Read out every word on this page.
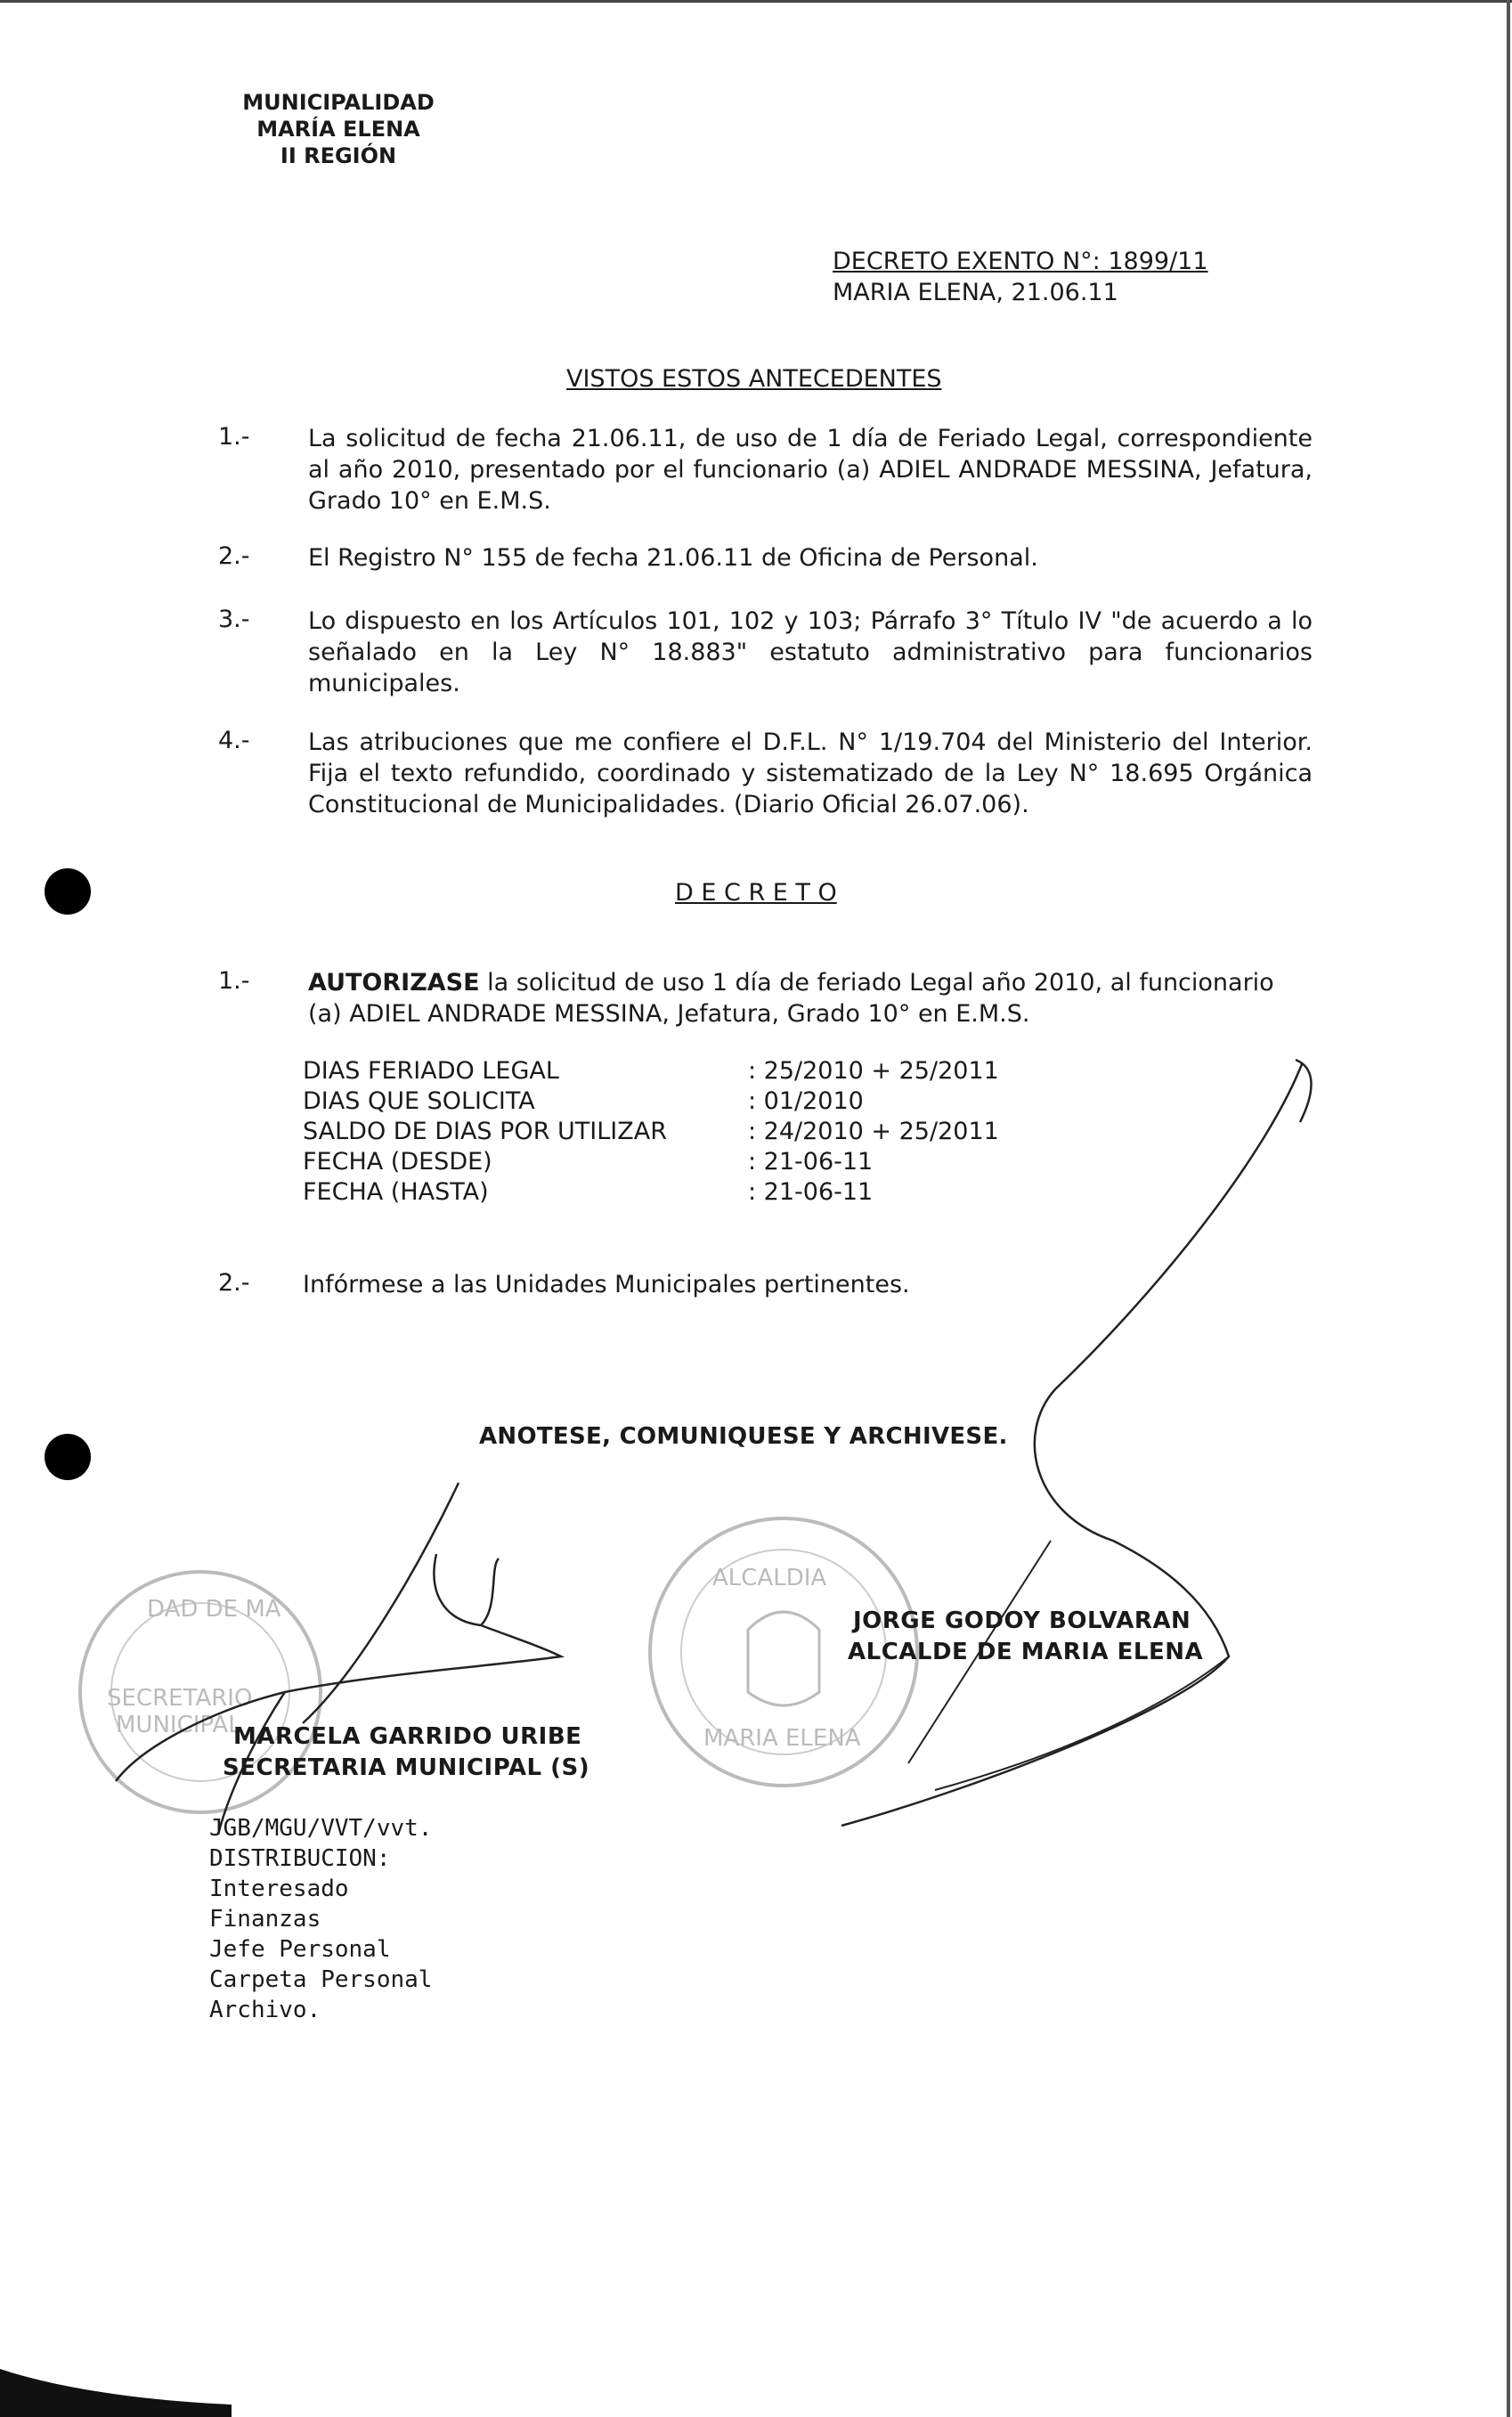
MUNICIPALIDAD
MARÍA ELENA
II REGIÓN
DECRETO EXENTO N°: 1899/11
MARIA ELENA, 21.06.11
VISTOS ESTOS ANTECEDENTES
1.- La solicitud de fecha 21.06.11, de uso de 1 día de Feriado Legal, correspondiente al año 2010, presentado por el funcionario (a) ADIEL ANDRADE MESSINA, Jefatura, Grado 10° en E.M.S.
2.- El Registro N° 155 de fecha 21.06.11 de Oficina de Personal.
3.- Lo dispuesto en los Artículos 101, 102 y 103; Párrafo 3° Título IV "de acuerdo a lo señalado en la Ley N° 18.883" estatuto administrativo para funcionarios municipales.
4.- Las atribuciones que me confiere el D.F.L. N° 1/19.704 del Ministerio del Interior. Fija el texto refundido, coordinado y sistematizado de la Ley N° 18.695 Orgánica Constitucional de Municipalidades. (Diario Oficial 26.07.06).
D E C R E T O
1.- AUTORIZASE la solicitud de uso 1 día de feriado Legal año 2010, al funcionario (a) ADIEL ANDRADE MESSINA, Jefatura, Grado 10° en E.M.S.
DIAS FERIADO LEGAL	: 25/2010 + 25/2011
DIAS QUE SOLICITA	: 01/2010
SALDO DE DIAS POR UTILIZAR	: 24/2010 + 25/2011
FECHA (DESDE)	: 21-06-11
FECHA (HASTA)	: 21-06-11
2.- Infórmese a las Unidades Municipales pertinentes.
ANOTESE, COMUNIQUESE Y ARCHIVESE.
DAD DE MA
SECRETARIO
MUNICIPAL
ALCALDIA
MARIA ELENA
JORGE GODOY BOLVARAN
ALCALDE DE MARIA ELENA
MARCELA GARRIDO URIBE
SECRETARIA MUNICIPAL (S)
JGB/MGU/VVT/vvt.
DISTRIBUCION:
Interesado
Finanzas
Jefe Personal
Carpeta Personal
Archivo.
